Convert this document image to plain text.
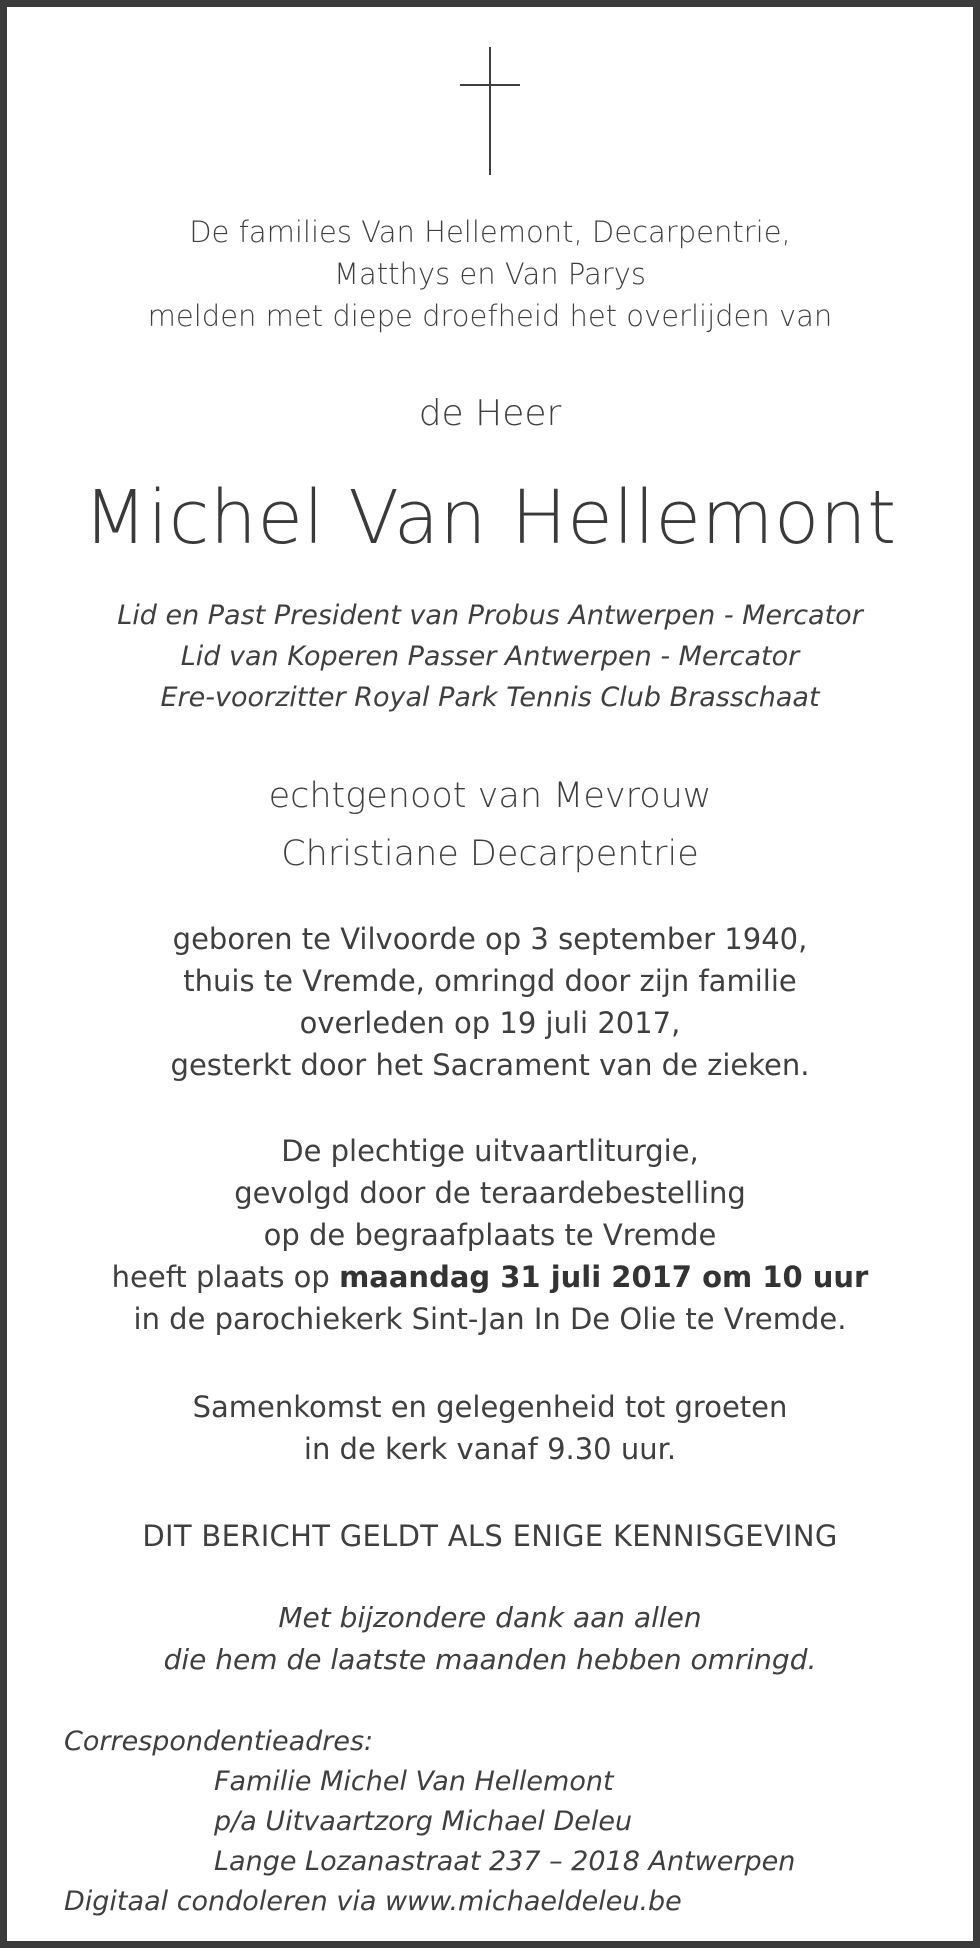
De families Van Hellemont, Decarpentrie,
Matthys en Van Parys
melden met diepe droefheid het overlijden van
de Heer
Michel Van Hellemont
Lid en Past President van Probus Antwerpen - Mercator
Lid van Koperen Passer Antwerpen - Mercator
Ere-voorzitter Royal Park Tennis Club Brasschaat
echtgenoot van Mevrouw
Christiane Decarpentrie
geboren te Vilvoorde op 3 september 1940,
thuis te Vremde, omringd door zijn familie
overleden op 19 juli 2017,
gesterkt door het Sacrament van de zieken.
De plechtige uitvaartliturgie,
gevolgd door de teraardebestelling
op de begraafplaats te Vremde
heeft plaats op maandag 31 juli 2017 om 10 uur
in de parochiekerk Sint-Jan In De Olie te Vremde.
Samenkomst en gelegenheid tot groeten
in de kerk vanaf 9.30 uur.
DIT BERICHT GELDT ALS ENIGE KENNISGEVING
Met bijzondere dank aan allen
die hem de laatste maanden hebben omringd.
Correspondentieadres:
Familie Michel Van Hellemont
p/a Uitvaartzorg Michael Deleu
Lange Lozanastraat 237 – 2018 Antwerpen
Digitaal condoleren via www.michaeldeleu.be
